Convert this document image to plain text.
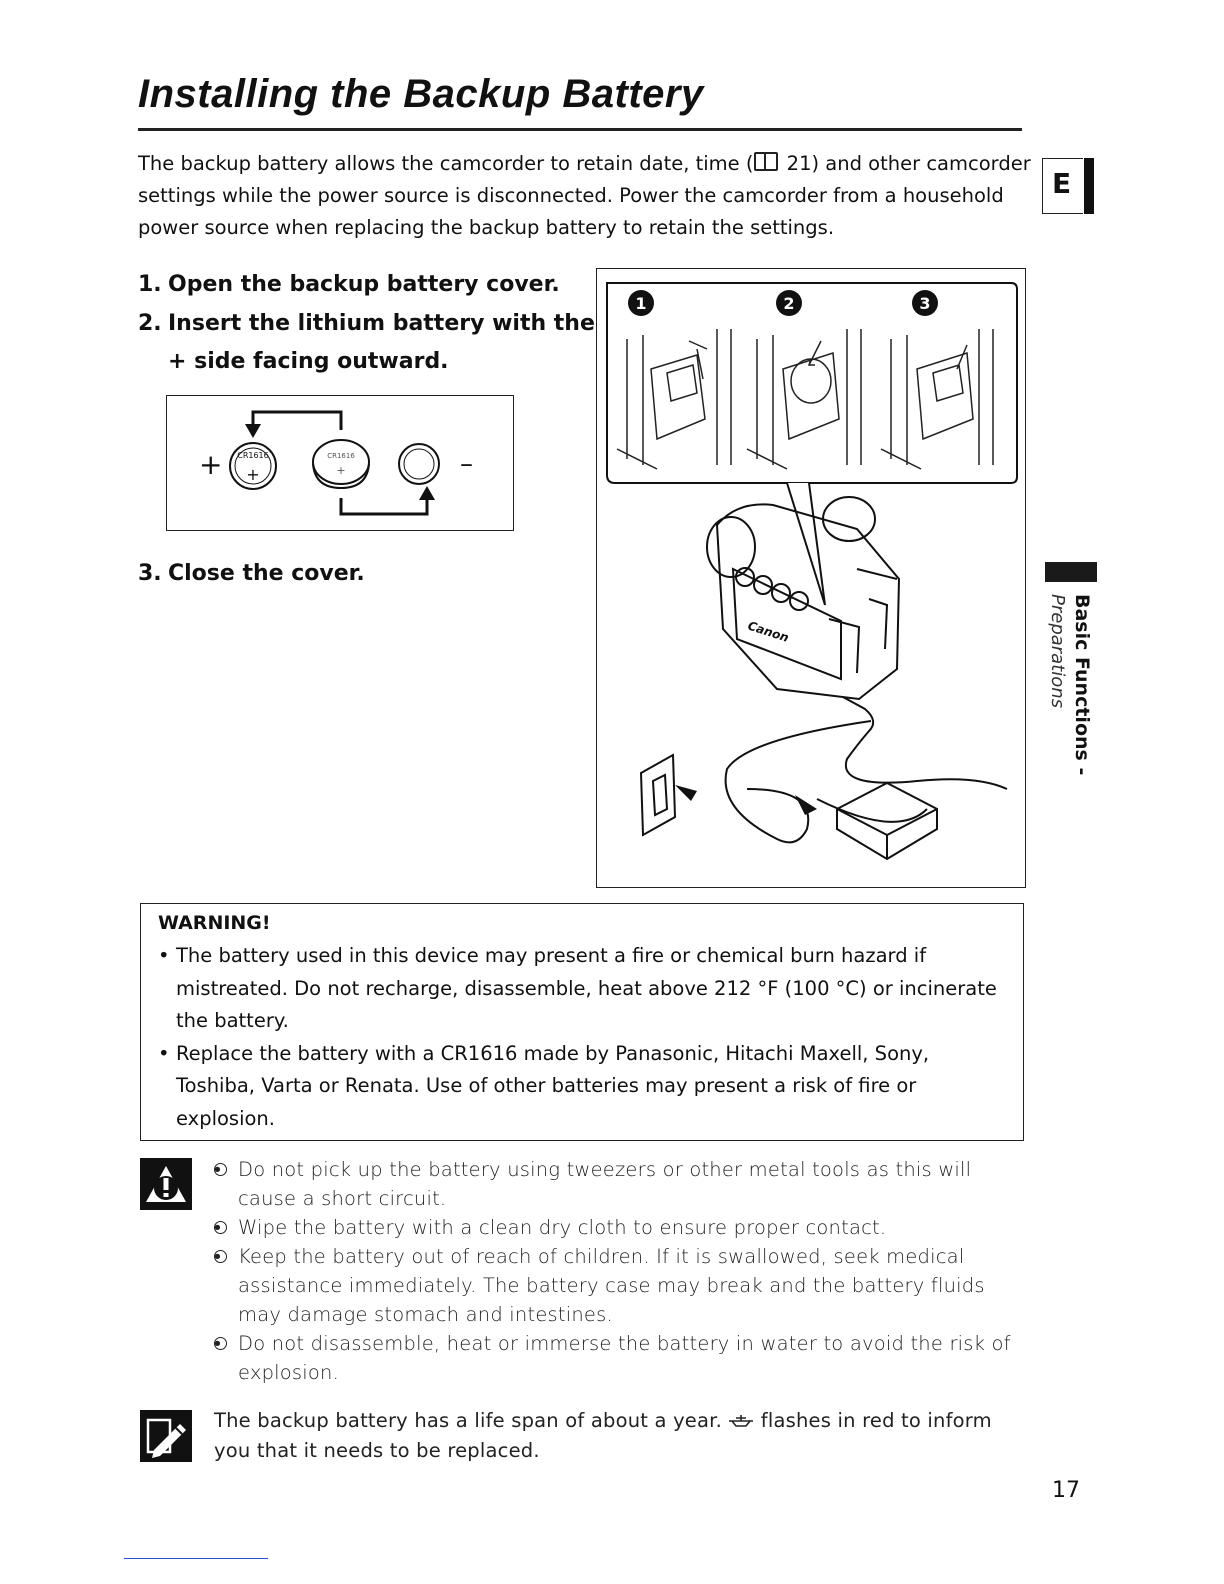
Installing the Backup Battery

The backup battery allows the camcorder to retain date, time ( 21) and other camcorder settings while the power source is disconnected. Power the camcorder from a household power source when replacing the backup battery to retain the settings.

E

1. Open the backup battery cover.

2. Insert the lithium battery with the
+ side facing outward.

+ CR1616
+
CR1616
+	–

3. Close the cover.

1	2	3
Canon	Basic Functions -
Preparations

WARNING!

• The battery used in this device may present a fire or chemical burn hazard if mistreated. Do not recharge, disassemble, heat above 212 °F (100 °C) or incinerate the battery.
• Replace the battery with a CR1616 made by Panasonic, Hitachi Maxell, Sony, Toshiba, Varta or Renata. Use of other batteries may present a risk of fire or explosion.
• Do not pick up the battery using tweezers or other metal tools as this will cause a short circuit.
• Wipe the battery with a clean dry cloth to ensure proper contact.
• Keep the battery out of reach of children. If it is swallowed, seek medical assistance immediately. The battery case may break and the battery fluids may damage stomach and intestines.
• Do not disassemble, heat or immerse the battery in water to avoid the risk of explosion.

The backup battery has a life span of about a year. flashes in red to inform you that it needs to be replaced.

17
